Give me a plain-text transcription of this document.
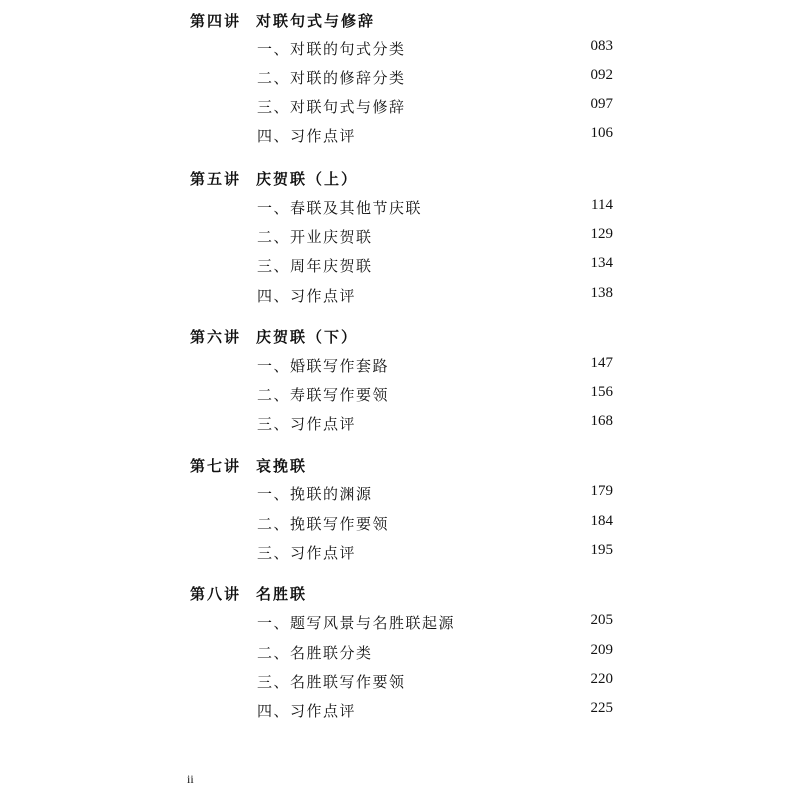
第四讲 对联句式与修辞
一、对联的句式分类	083
二、对联的修辞分类	092
三、对联句式与修辞	097
四、习作点评	106
第五讲 庆贺联（上）
一、春联及其他节庆联	114
二、开业庆贺联	129
三、周年庆贺联	134
四、习作点评	138
第六讲 庆贺联（下）
一、婚联写作套路	147
二、寿联写作要领	156
三、习作点评	168
第七讲 哀挽联
一、挽联的渊源	179
二、挽联写作要领	184
三、习作点评	195
第八讲 名胜联
一、题写风景与名胜联起源	205
二、名胜联分类	209
三、名胜联写作要领	220
四、习作点评	225
ii
